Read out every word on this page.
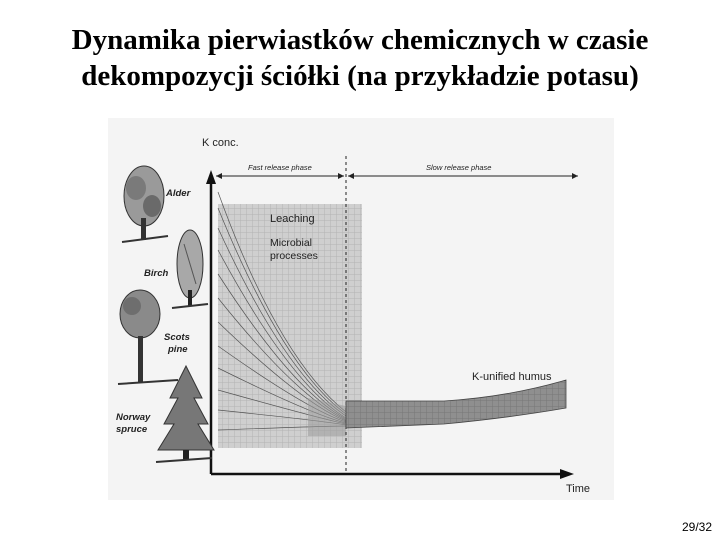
Dynamika pierwiastków chemicznych w czasie
dekompozycji ściółki (na przykładzie potasu)
K conc.
Time
Fast release phase	Slow release phase
Leaching
Microbial
processes
K-unified humus
Alder
Birch
Scots
pine
Norway
spruce
29/32
